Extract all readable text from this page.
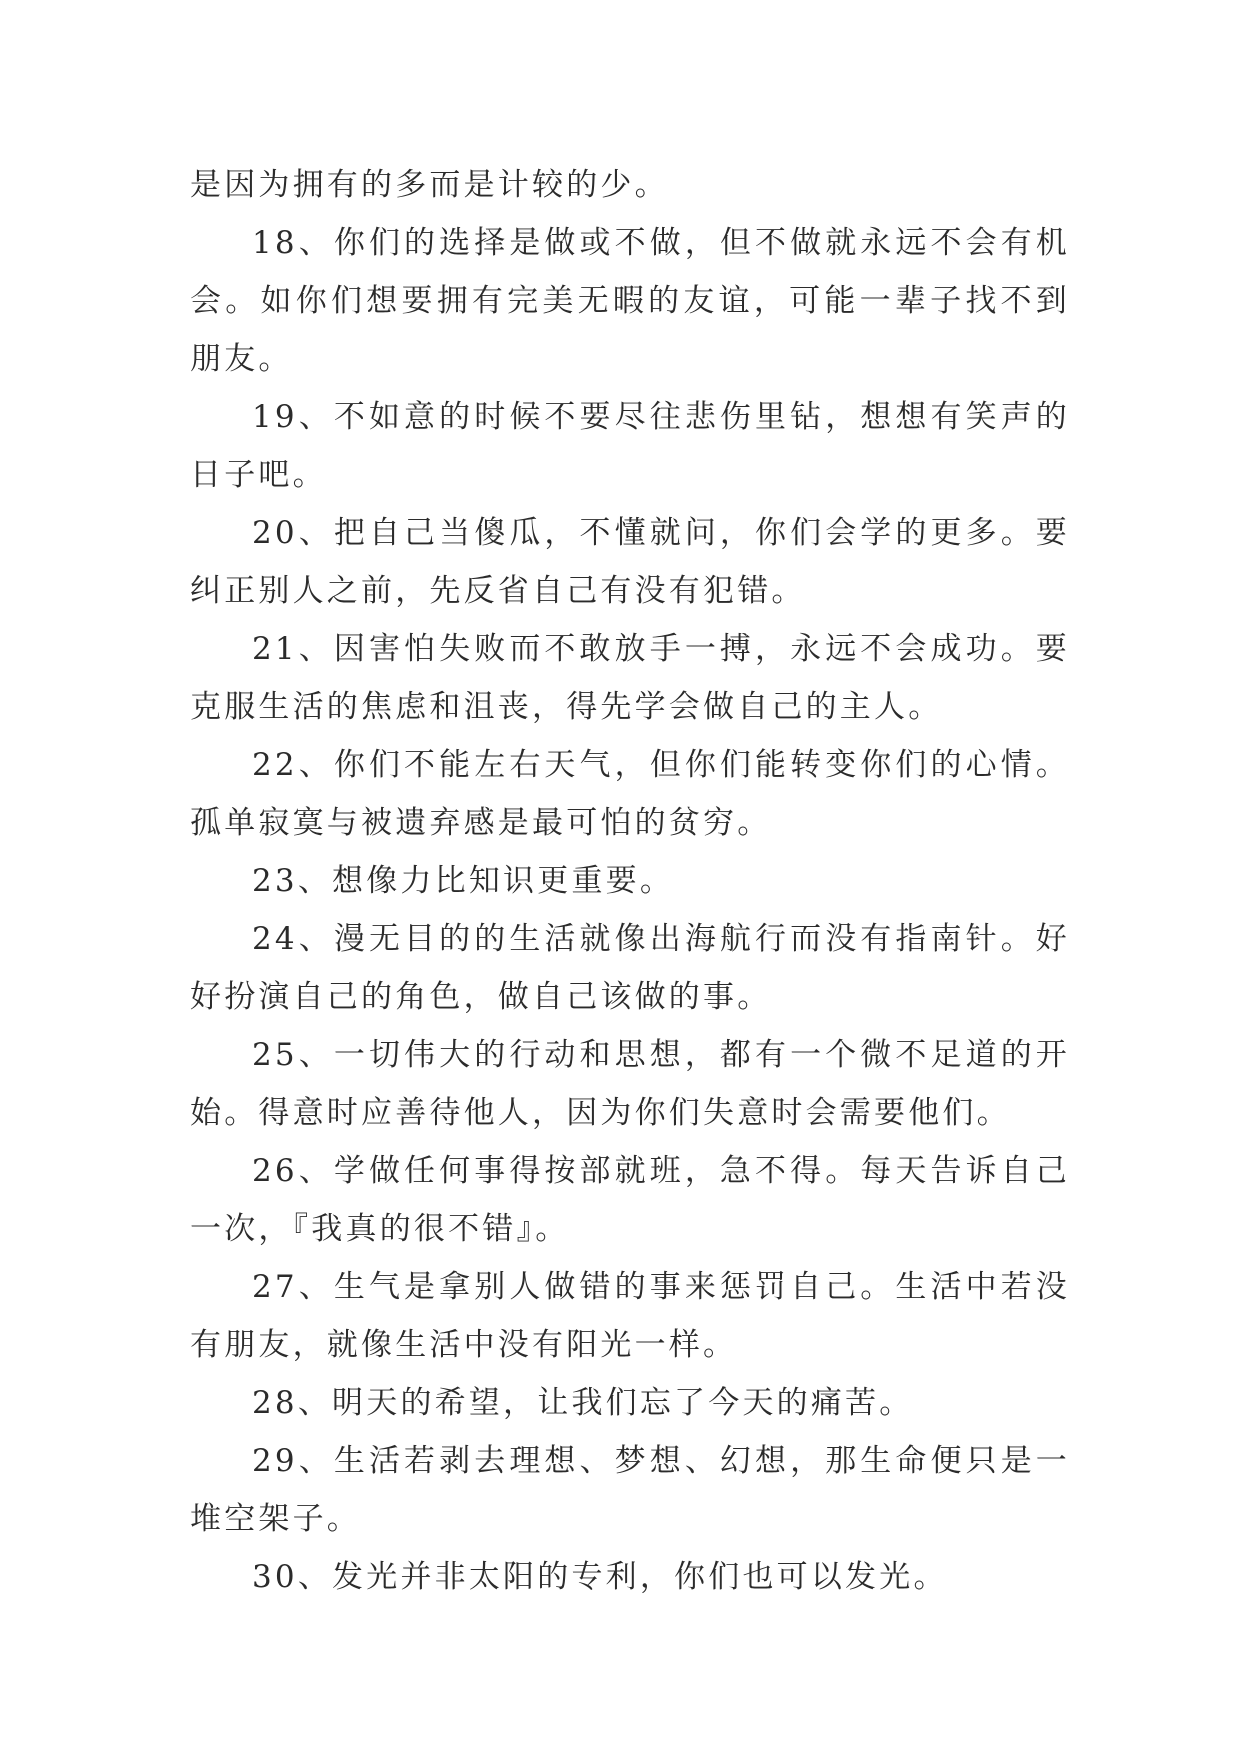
是因为拥有的多而是计较的少。

18、你们的选择是做或不做，但不做就永远不会有机会。如你们想要拥有完美无暇的友谊，可能一辈子找不到朋友。

19、不如意的时候不要尽往悲伤里钻，想想有笑声的日子吧。

20、把自己当傻瓜，不懂就问，你们会学的更多。要纠正别人之前，先反省自己有没有犯错。

21、因害怕失败而不敢放手一搏，永远不会成功。要克服生活的焦虑和沮丧，得先学会做自己的主人。

22、你们不能左右天气，但你们能转变你们的心情。孤单寂寞与被遗弃感是最可怕的贫穷。

23、想像力比知识更重要。

24、漫无目的的生活就像出海航行而没有指南针。好好扮演自己的角色，做自己该做的事。

25、一切伟大的行动和思想，都有一个微不足道的开始。得意时应善待他人，因为你们失意时会需要他们。

26、学做任何事得按部就班，急不得。每天告诉自己一次，『我真的很不错』。

27、生气是拿别人做错的事来惩罚自己。生活中若没有朋友，就像生活中没有阳光一样。

28、明天的希望，让我们忘了今天的痛苦。

29、生活若剥去理想、梦想、幻想，那生命便只是一堆空架子。

30、发光并非太阳的专利，你们也可以发光。
